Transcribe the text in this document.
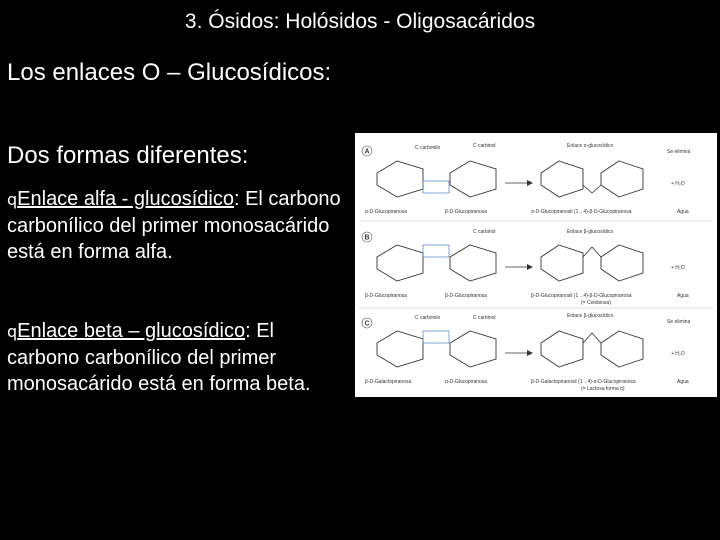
3. Ósidos: Holósidos - Oligosacáridos
Los enlaces O – Glucosídicos:
Dos formas diferentes:
qEnlace alfa - glucosídico: El carbono carbonílico del primer monosacárido está en forma alfa.
qEnlace beta – glucosídico: El carbono carbonílico del primer monosacárido está en forma beta.
A
C carbonilo	C carbinol	Enlace α-glucosídico
Se elimina
+ H₂O
α-D-Glucopiranosa	β-D-Glucopiranosa	α-D-Glucopiranosil (1→4)-β-D-Glucopiranosa	Agua
B
C carbinol	Enlace β-glucosídico
+ H₂O
β-D-Glucopiranosa	β-D-Glucopiranosa	β-D-Glucopiranosil (1→4)-β-D-Glucopiranosa
(= Celobiosa)
Agua
C
C carbonilo	C carbinol	Enlace β-glucosídico
Se elimina
+ H₂O
β-D-Galactopiranosa	α-D-Glucopiranosa	β-D-Galactopiranosil (1→4)-α-D-Glucopiranosa
(= Lactosa forma α)
Agua
